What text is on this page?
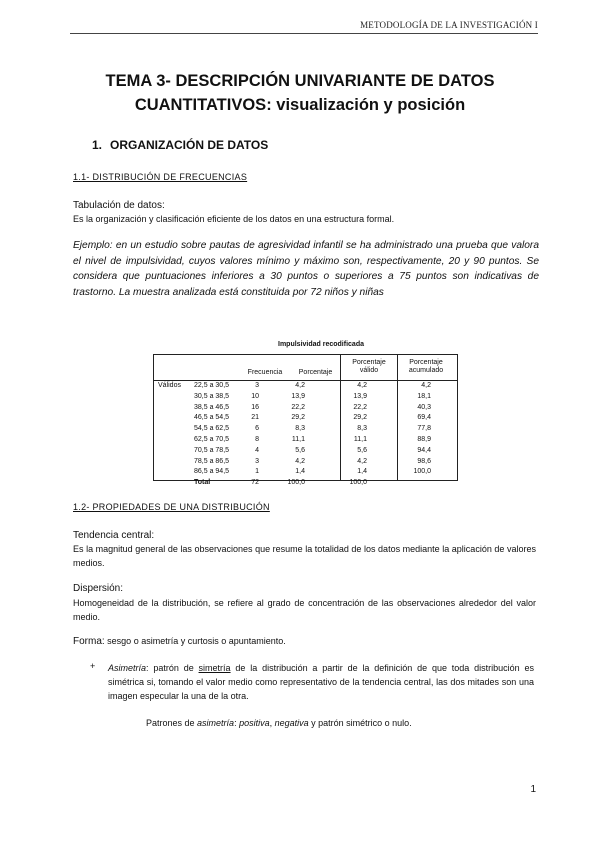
METODOLOGÍA DE LA INVESTIGACIÓN I
TEMA 3- DESCRIPCIÓN UNIVARIANTE DE DATOS
CUANTITATIVOS: visualización y posición
1. ORGANIZACIÓN DE DATOS
1.1- DISTRIBUCIÓN DE FRECUENCIAS
Tabulación de datos:
Es la organización y clasificación eficiente de los datos en una estructura formal.
Ejemplo: en un estudio sobre pautas de agresividad infantil se ha administrado una prueba que valora el nivel de impulsividad, cuyos valores mínimo y máximo son, respectivamente, 20 y 90 puntos. Se considera que puntuaciones inferiores a 30 puntos o superiores a 75 puntos son indicativas de trastorno. La muestra analizada está constituida por 72 niños y niñas
Impulsividad recodificada
Frecuencia	Porcentaje
Porcentaje
válido
Porcentaje
acumulado
Válidos 22,5 a 30,5	3	4,2	4,2	4,2
30,5 a 38,5	10	13,9	13,9	18,1
38,5 a 46,5	16	22,2	22,2	40,3
46,5 a 54,5	21	29,2	29,2	69,4
54,5 a 62,5	6	8,3	8,3	77,8
62,5 a 70,5	8	11,1	11,1	88,9
70,5 a 78,5	4	5,6	5,6	94,4
78,5 a 86,5	3	4,2	4,2	98,6
86,5 a 94,5	1	1,4	1,4	100,0
Total	72	100,0	100,0
1.2- PROPIEDADES DE UNA DISTRIBUCIÓN
Tendencia central:
Es la magnitud general de las observaciones que resume la totalidad de los datos mediante la aplicación de valores medios.
Dispersión:
Homogeneidad de la distribución, se refiere al grado de concentración de las observaciones alrededor del valor medio.
Forma: sesgo o asimetría y curtosis o apuntamiento.
+ Asimetría: patrón de simetría de la distribución a partir de la definición de que toda distribución es simétrica si, tomando el valor medio como representativo de la tendencia central, las dos mitades son una imagen especular la una de la otra.
Patrones de asimetría: positiva, negativa y patrón simétrico o nulo.
1
